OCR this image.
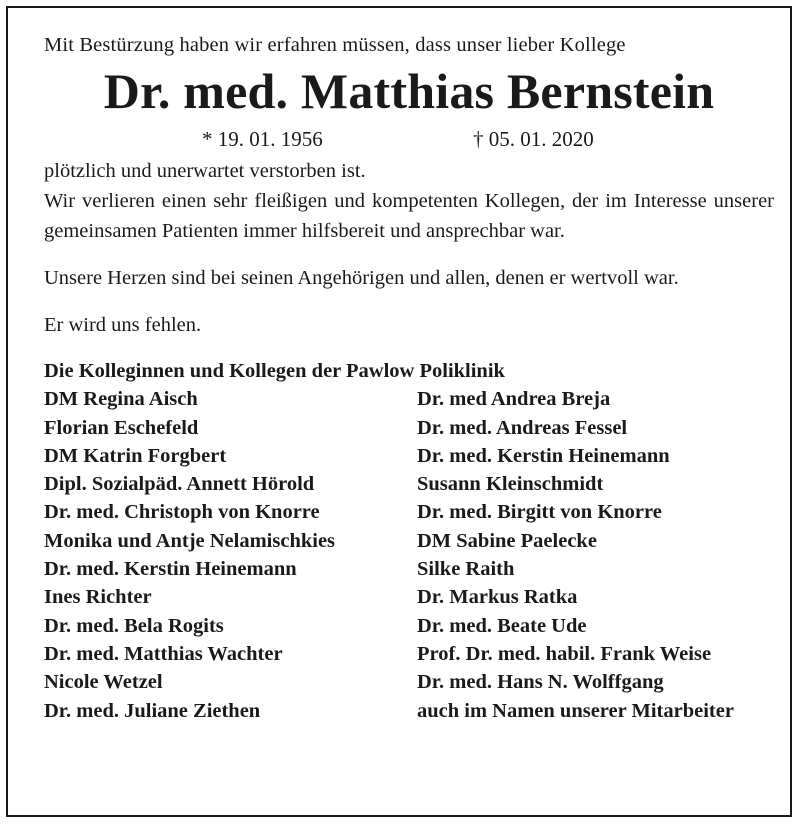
Mit Bestürzung haben wir erfahren müssen, dass unser lieber Kollege

Dr. med. Matthias Bernstein
* 19. 01. 1956	† 05. 01. 2020

plötzlich und unerwartet verstorben ist.

Wir verlieren einen sehr fleißigen und kompetenten Kollegen, der im Interesse unserer gemeinsamen Patienten immer hilfsbereit und ansprechbar war.

Unsere Herzen sind bei seinen Angehörigen und allen, denen er wertvoll war.

Er wird uns fehlen.

Die Kolleginnen und Kollegen der Pawlow Poliklinik

DM Regina Aisch	Dr. med Andrea Breja
Florian Eschefeld	Dr. med. Andreas Fessel
DM Katrin Forgbert	Dr. med. Kerstin Heinemann
Dipl. Sozialpäd. Annett Hörold	Susann Kleinschmidt
Dr. med. Christoph von Knorre	Dr. med. Birgitt von Knorre
Monika und Antje Nelamischkies	DM Sabine Paelecke
Dr. med. Kerstin Heinemann	Silke Raith
Ines Richter	Dr. Markus Ratka
Dr. med. Bela Rogits	Dr. med. Beate Ude
Dr. med. Matthias Wachter	Prof. Dr. med. habil. Frank Weise
Nicole Wetzel	Dr. med. Hans N. Wolffgang
Dr. med. Juliane Ziethen	auch im Namen unserer Mitarbeiter
